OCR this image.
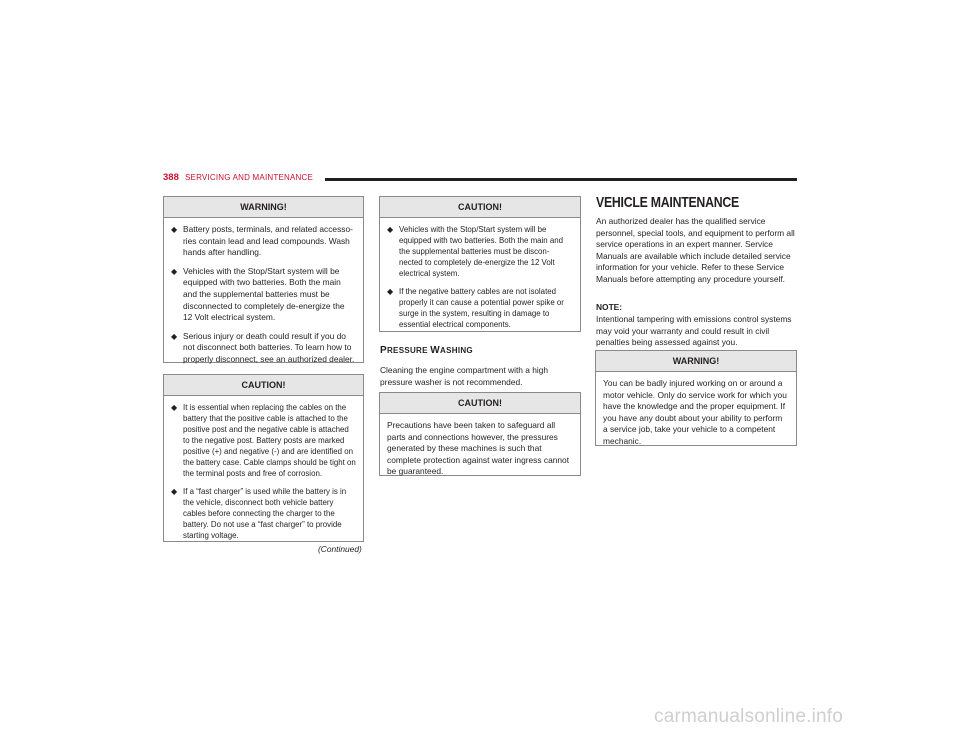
388 SERVICING AND MAINTENANCE
WARNING!
◆ Battery posts, terminals, and related accesso-ries contain lead and lead compounds. Wash hands after handling.
◆ Vehicles with the Stop/Start system will be equipped with two batteries. Both the main and the supplemental batteries must be disconnected to completely de-energize the 12 Volt electrical system.
◆ Serious injury or death could result if you do not disconnect both batteries. To learn how to properly disconnect, see an authorized dealer.
CAUTION!
◆ It is essential when replacing the cables on the battery that the positive cable is attached to the positive post and the negative cable is attached to the negative post. Battery posts are marked positive (+) and negative (-) and are identified on the battery case. Cable clamps should be tight on the terminal posts and free of corrosion.
◆ If a “fast charger” is used while the battery is in the vehicle, disconnect both vehicle battery cables before connecting the charger to the battery. Do not use a “fast charger” to provide starting voltage.
(Continued)
CAUTION!
◆ Vehicles with the Stop/Start system will be equipped with two batteries. Both the main and the supplemental batteries must be discon-nected to completely de-energize the 12 Volt electrical system.
◆ If the negative battery cables are not isolated properly it can cause a potential power spike or surge in the system, resulting in damage to essential electrical components.
PRESSURE WASHING
Cleaning the engine compartment with a high pressure washer is not recommended.
CAUTION!
Precautions have been taken to safeguard all parts and connections however, the pressures generated by these machines is such that complete protection against water ingress cannot be guaranteed.
VEHICLE MAINTENANCE
An authorized dealer has the qualified service personnel, special tools, and equipment to perform all service operations in an expert manner. Service Manuals are available which include detailed service information for your vehicle. Refer to these Service Manuals before attempting any procedure yourself.
NOTE:
Intentional tampering with emissions control systems may void your warranty and could result in civil penalties being assessed against you.
WARNING!
You can be badly injured working on or around a motor vehicle. Only do service work for which you have the knowledge and the proper equipment. If you have any doubt about your ability to perform a service job, take your vehicle to a competent mechanic.
carmanualsonline.info
